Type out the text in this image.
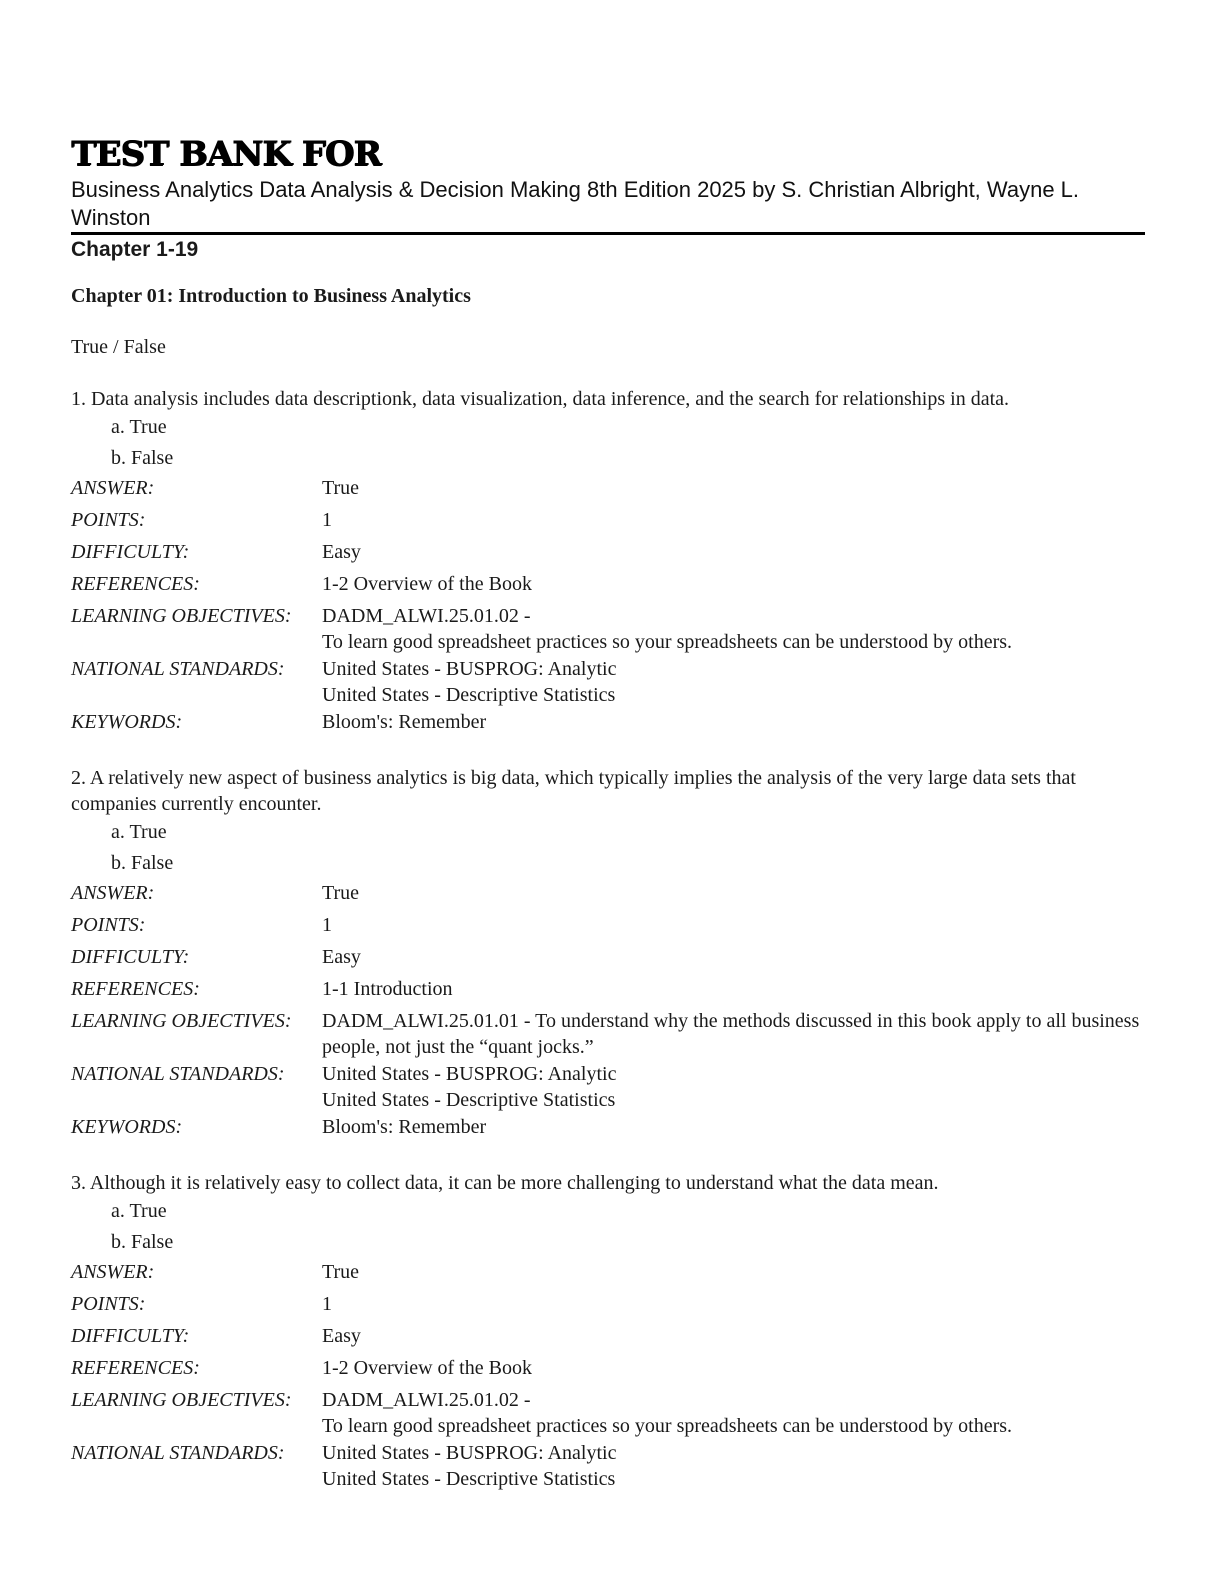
TEST BANK FOR
Business Analytics Data Analysis & Decision Making 8th Edition 2025 by S. Christian Albright, Wayne L. Winston
Chapter 1-19
Chapter 01: Introduction to Business Analytics
True / False

1. Data analysis includes data descriptionk, data visualization, data inference, and the search for relationships in data.

a. True
b. False
ANSWER:	True
POINTS:	1
DIFFICULTY:	Easy
REFERENCES:	1-2 Overview of the Book
LEARNING OBJECTIVES:	DADM_ALWI.25.01.02 -
To learn good spreadsheet practices so your spreadsheets can be understood by others.
NATIONAL STANDARDS:	United States - BUSPROG: Analytic
United States - Descriptive Statistics
KEYWORDS:	Bloom's: Remember

2. A relatively new aspect of business analytics is big data, which typically implies the analysis of the very large data sets that companies currently encounter.

a. True
b. False
ANSWER:	True
POINTS:	1
DIFFICULTY:	Easy
REFERENCES:	1-1 Introduction
LEARNING OBJECTIVES:	DADM_ALWI.25.01.01 - To understand why the methods discussed in this book apply to all business people, not just the “quant jocks.”
NATIONAL STANDARDS:	United States - BUSPROG: Analytic
United States - Descriptive Statistics
KEYWORDS:	Bloom's: Remember

3. Although it is relatively easy to collect data, it can be more challenging to understand what the data mean.

a. True
b. False
ANSWER:	True
POINTS:	1
DIFFICULTY:	Easy
REFERENCES:	1-2 Overview of the Book
LEARNING OBJECTIVES:	DADM_ALWI.25.01.02 -
To learn good spreadsheet practices so your spreadsheets can be understood by others.
NATIONAL STANDARDS:	United States - BUSPROG: Analytic
United States - Descriptive Statistics
